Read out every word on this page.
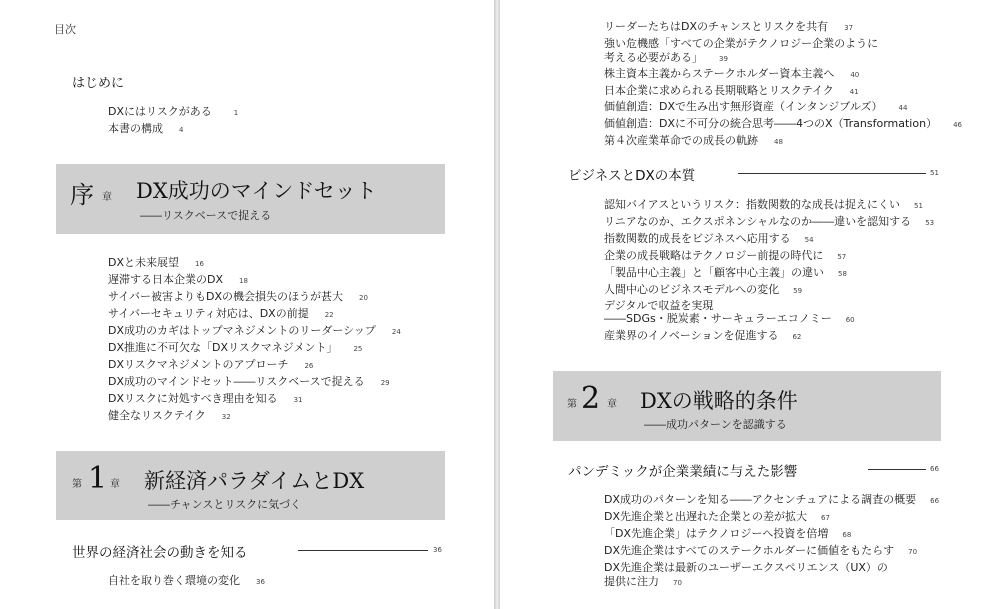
目次
はじめに
DXにはリスクがある	1
本書の構成 4
序 章 DX成功のマインドセット
――リスクベースで捉える
DXと未来展望 16
遅滞する日本企業のDX 18
サイバー被害よりもDXの機会損失のほうが甚大 20
サイバーセキュリティ対応は、DXの前提 22
DX成功のカギはトップマネジメントのリーダーシップ 24
DX推進に不可欠な「DXリスクマネジメント」 25
DXリスクマネジメントのアプローチ 26
DX成功のマインドセット――リスクベースで捉える 29
DXリスクに対処すべき理由を知る 31
健全なリスクテイク 32
第 1 章 新経済パラダイムとDX
――チャンスとリスクに気づく
世界の経済社会の動きを知る	36
自社を取り巻く環境の変化 36
リーダーたちはDXのチャンスとリスクを共有 37
強い危機感「すべての企業がテクノロジー企業のように
考える必要がある」 39
株主資本主義からステークホルダー資本主義へ 40
日本企業に求められる長期戦略とリスクテイク 41
価値創造：DXで生み出す無形資産（インタンジブルズ） 44
価値創造：DXに不可分の統合思考――4つのX（Transformation） 46
第４次産業革命での成長の軌跡 48
ビジネスとDXの本質	51
認知バイアスというリスク：指数関数的な成長は捉えにくい 51
リニアなのか、エクスポネンシャルなのか――違いを認知する 53
指数関数的成長をビジネスへ応用する 54
企業の成長戦略はテクノロジー前提の時代に 57
「製品中心主義」と「顧客中心主義」の違い 58
人間中心のビジネスモデルへの変化 59
デジタルで収益を実現
――SDGs・脱炭素・サーキュラーエコノミー 60
産業界のイノベーションを促進する 62
第 2 章 DXの戦略的条件
――成功パターンを認識する
パンデミックが企業業績に与えた影響	66
DX成功のパターンを知る――アクセンチュアによる調査の概要 66
DX先進企業と出遅れた企業との差が拡大 67
「DX先進企業」はテクノロジーへ投資を倍増 68
DX先進企業はすべてのステークホルダーに価値をもたらす 70
DX先進企業は最新のユーザーエクスペリエンス（UX）の
提供に注力 70
